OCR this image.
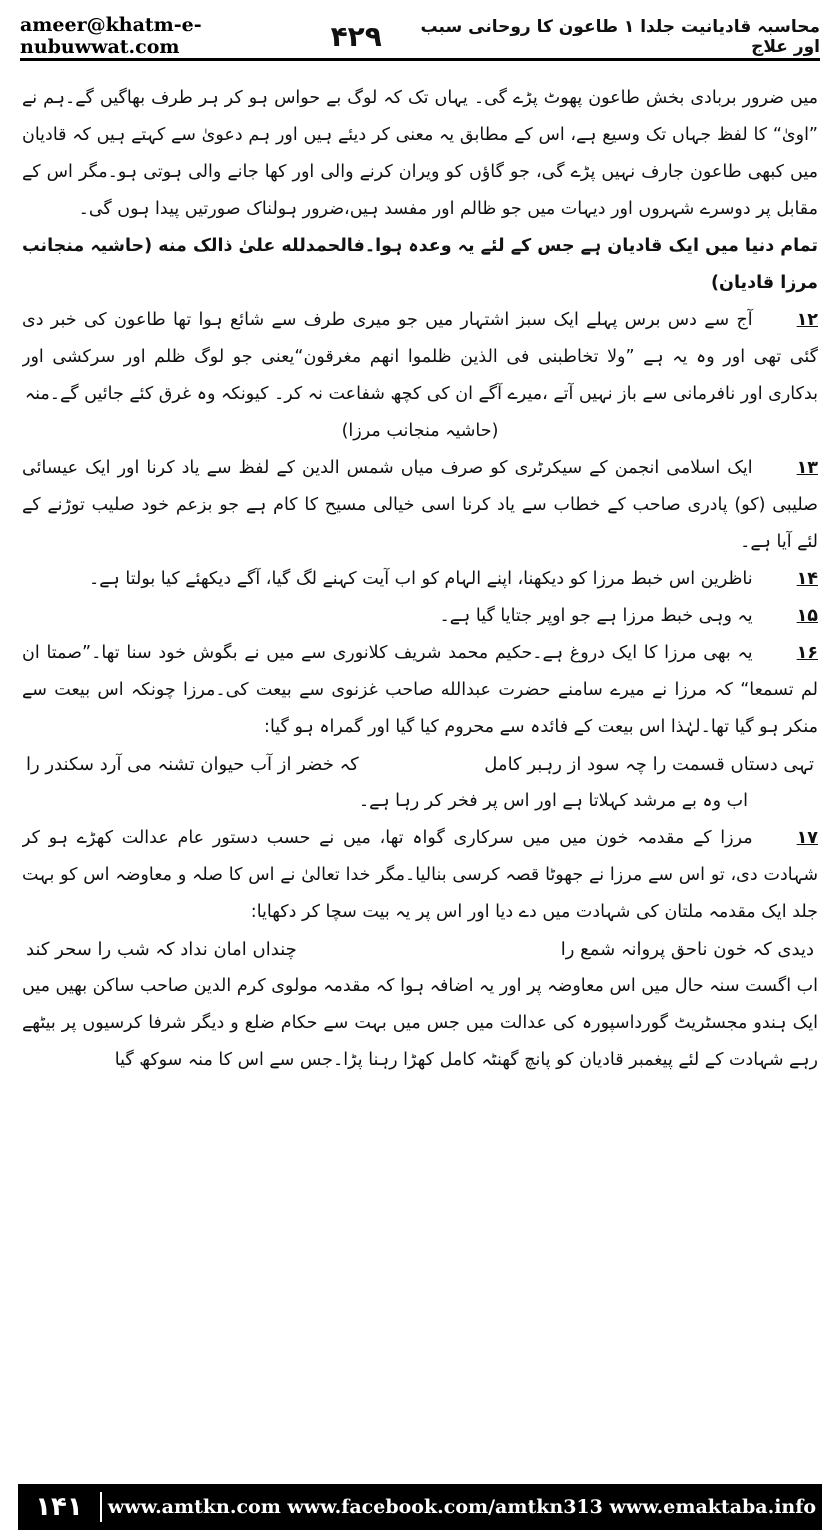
ameer@khatm-e-nubuwwat.com
محاسبہ قادیانیت جلدا ۱ طاعون کا روحانی سبب اور علاج
۴۲۹

میں ضرور بربادی بخش طاعون پھوٹ پڑے گی۔ یہاں تک کہ لوگ بے حواس ہو کر ہر طرف بھاگیں گے۔ہم نے ”اویٰ“ کا لفظ جہاں تک وسیع ہے، اس کے مطابق یہ معنی کر دیئے ہیں اور ہم دعویٰ سے کہتے ہیں کہ قادیان میں کبھی طاعون جارف نہیں پڑے گی، جو گاؤں کو ویران کرنے والی اور کھا جانے والی ہوتی ہو۔مگر اس کے مقابل پر دوسرے شہروں اور دیہات میں جو ظالم اور مفسد ہیں،ضرور ہولناک صورتیں پیدا ہوں گی۔

تمام دنیا میں ایک قادیان ہے جس کے لئے یہ وعدہ ہوا۔فالحمدلله علیٰ ذالک منه (حاشیہ منجانب مرزا قادیان)

۱۲آج سے دس برس پہلے ایک سبز اشتہار میں جو میری طرف سے شائع ہوا تھا طاعون کی خبر دی گئی تھی اور وہ یہ ہے ”ولا تخاطبنی فی الذین ظلموا انهم مغرقون“یعنی جو لوگ ظلم اور سرکشی اور بدکاری اور نافرمانی سے باز نہیں آتے ،میرے آگے ان کی کچھ شفاعت نہ کر۔ کیونکہ وہ غرق کئے جائیں گے۔منہ

(حاشیہ منجانب مرزا)

۱۳ایک اسلامی انجمن کے سیکرٹری کو صرف میاں شمس الدین کے لفظ سے یاد کرنا اور ایک عیسائی صلیبی (کو) پادری صاحب کے خطاب سے یاد کرنا اسی خیالی مسیح کا کام ہے جو بزعم خود صلیب توڑنے کے لئے آیا ہے۔

۱۴ناظرین اس خبط مرزا کو دیکھنا، اپنے الہام کو اب آیت کہنے لگ گیا، آگے دیکھئے کیا بولتا ہے۔

۱۵یہ وہی خبط مرزا ہے جو اوپر جتایا گیا ہے۔

۱۶یہ بھی مرزا کا ایک دروغ ہے۔حکیم محمد شریف کلانوری سے میں نے بگوش خود سنا تھا۔”صمتا ان لم تسمعا“ کہ مرزا نے میرے سامنے حضرت عبدالله صاحب غزنوی سے بیعت کی۔مرزا چونکہ اس بیعت سے منکر ہو گیا تھا۔لہٰذا اس بیعت کے فائدہ سے محروم کیا گیا اور گمراہ ہو گیا:

تہی دستاں قسمت را چہ سود از رہبر کامل
کہ خضر از آب حیوان تشنہ می آرد سکندر را

اب وہ بے مرشد کہلاتا ہے اور اس پر فخر کر رہا ہے۔

۱۷مرزا کے مقدمہ خون میں میں سرکاری گواہ تھا، میں نے حسب دستور عام عدالت کھڑے ہو کر شہادت دی، تو اس سے مرزا نے جھوٹا قصہ کرسی بنالیا۔مگر خدا تعالیٰ نے اس کا صلہ و معاوضہ اس کو بہت جلد ایک مقدمہ ملتان کی شہادت میں دے دیا اور اس پر یہ بیت سچا کر دکھایا:

دیدی کہ خون ناحق پروانہ شمع را
چنداں امان نداد کہ شب را سحر کند

اب اگست سنہ حال میں اس معاوضہ پر اور یہ اضافہ ہوا کہ مقدمہ مولوی کرم الدین صاحب ساکن بھیں میں ایک ہندو مجسٹریٹ گورداسپورہ کی عدالت میں جس میں بہت سے حکام ضلع و دیگر شرفا کرسیوں پر بیٹھے رہے شہادت کے لئے پیغمبر قادیان کو پانچ گھنٹہ کامل کھڑا رہنا پڑا۔جس سے اس کا منہ سوکھ گیا

۱۴۱	www.amtkn.com www.facebook.com/amtkn313 www.emaktaba.info
